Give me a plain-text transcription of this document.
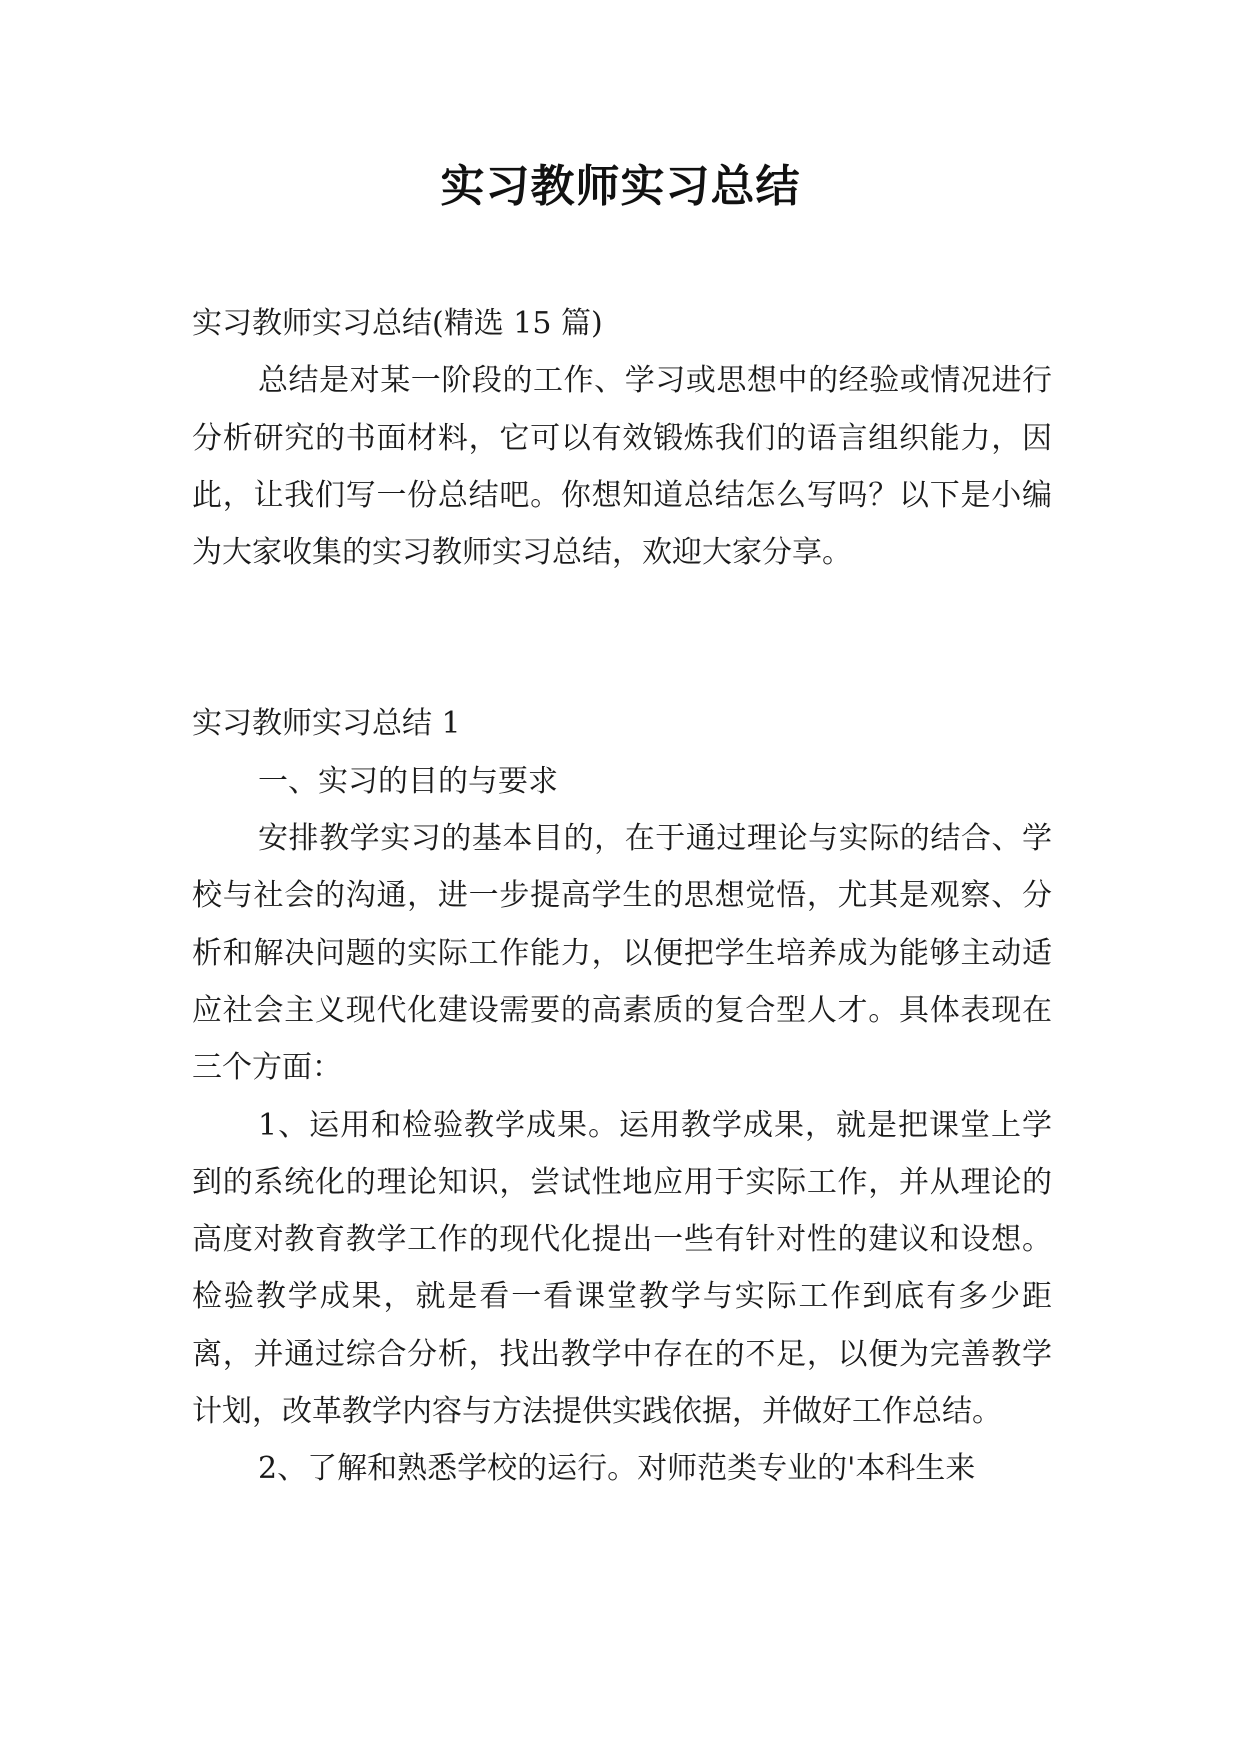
实习教师实习总结
实习教师实习总结(精选 15 篇)
总结是对某一阶段的工作、学习或思想中的经验或情况进行分析研究的书面材料，它可以有效锻炼我们的语言组织能力，因此，让我们写一份总结吧。你想知道总结怎么写吗？以下是小编为大家收集的实习教师实习总结，欢迎大家分享。
实习教师实习总结 1
一、实习的目的与要求
安排教学实习的基本目的，在于通过理论与实际的结合、学校与社会的沟通，进一步提高学生的思想觉悟，尤其是观察、分析和解决问题的实际工作能力，以便把学生培养成为能够主动适应社会主义现代化建设需要的高素质的复合型人才。具体表现在三个方面：
1、运用和检验教学成果。运用教学成果，就是把课堂上学到的系统化的理论知识，尝试性地应用于实际工作，并从理论的高度对教育教学工作的现代化提出一些有针对性的建议和设想。检验教学成果，就是看一看课堂教学与实际工作到底有多少距离，并通过综合分析，找出教学中存在的不足，以便为完善教学计划，改革教学内容与方法提供实践依据，并做好工作总结。
2、了解和熟悉学校的运行。对师范类专业的'本科生来
